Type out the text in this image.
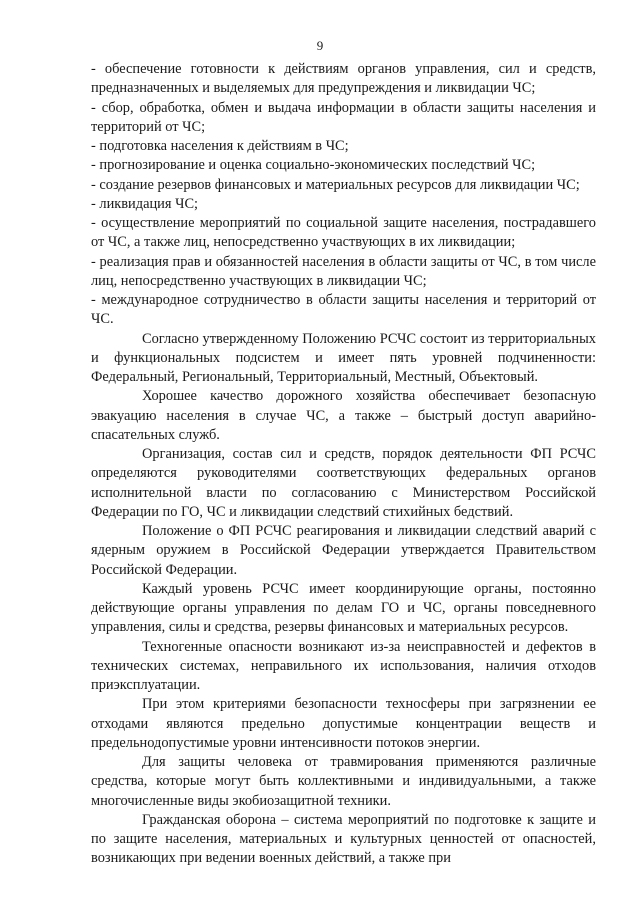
9

- обеспечение готовности к действиям органов управления, сил и средств, предназначенных и выделяемых для предупреждения и ликвидации ЧС;

- сбор, обработка, обмен и выдача информации в области защиты населения и территорий от ЧС;

- подготовка населения к действиям в ЧС;

- прогнозирование и оценка социально-экономических последствий ЧС;

- создание резервов финансовых и материальных ресурсов для ликвидации ЧС;

- ликвидация ЧС;

- осуществление мероприятий по социальной защите населения, пострадавшего от ЧС, а также лиц, непосредственно участвующих в их ликвидации;

- реализация прав и обязанностей населения в области защиты от ЧС, в том числе лиц, непосредственно участвующих в ликвидации ЧС;

- международное сотрудничество в области защиты населения и территорий от ЧС.

Согласно утвержденному Положению РСЧС состоит из территориальных и функциональных подсистем и имеет пять уровней подчиненности: Федеральный, Региональный, Территориальный, Местный, Объектовый.

Хорошее качество дорожного хозяйства обеспечивает безопасную эвакуацию населения в случае ЧС, а также – быстрый доступ аварийно-спасательных служб.

Организация, состав сил и средств, порядок деятельности ФП РСЧС определяются руководителями соответствующих федеральных органов исполнительной власти по согласованию с Министерством Российской Федерации по ГО, ЧС и ликвидации следствий стихийных бедствий.

Положение о ФП РСЧС реагирования и ликвидации следствий аварий с ядерным оружием в Российской Федерации утверждается Правительством Российской Федерации.

Каждый уровень РСЧС имеет координирующие органы, постоянно действующие органы управления по делам ГО и ЧС, органы повседневного управления, силы и средства, резервы финансовых и материальных ресурсов.

Техногенные опасности возникают из-за неисправностей и дефектов в технических системах, неправильного их использования, наличия отходов приэксплуатации.

При этом критериями безопасности техносферы при загрязнении ее отходами являются предельно допустимые концентрации веществ и предельнодопустимые уровни интенсивности потоков энергии.

Для защиты человека от травмирования применяются различные средства, которые могут быть коллективными и индивидуальными, а также многочисленные виды экобиозащитной техники.

Гражданская оборона – система мероприятий по подготовке к защите и по защите населения, материальных и культурных ценностей от опасностей, возникающих при ведении военных действий, а также при
